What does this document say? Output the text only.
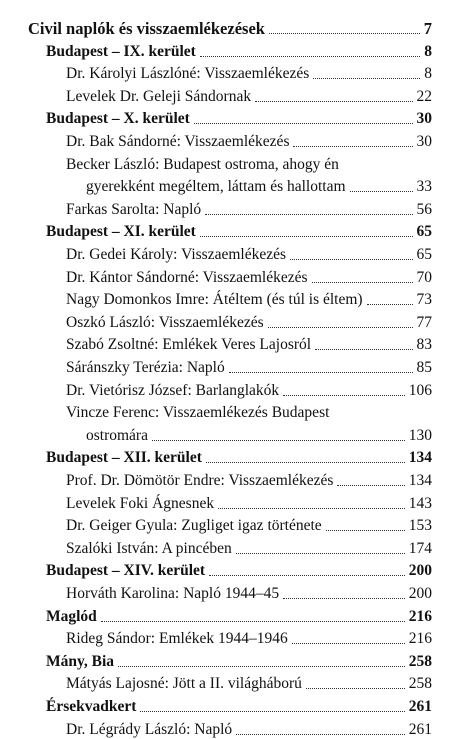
Civil naplók és visszaemlékezések	7
Budapest – IX. kerület	8
Dr. Károlyi Lászlóné: Visszaemlékezés	8
Levelek Dr. Geleji Sándornak	22
Budapest – X. kerület	30
Dr. Bak Sándorné: Visszaemlékezés	30
Becker László: Budapest ostroma, ahogy én
gyerekként megéltem, láttam és hallottam	33
Farkas Sarolta: Napló	56
Budapest – XI. kerület	65
Dr. Gedei Károly: Visszaemlékezés	65
Dr. Kántor Sándorné: Visszaemlékezés	70
Nagy Domonkos Imre: Átéltem (és túl is éltem)	73
Oszkó László: Visszaemlékezés	77
Szabó Zsoltné: Emlékek Veres Lajosról	83
Sáránszky Terézia: Napló	85
Dr. Vietórisz József: Barlanglakók	106
Vincze Ferenc: Visszaemlékezés Budapest
ostromára	130
Budapest – XII. kerület	134
Prof. Dr. Dömötör Endre: Visszaemlékezés	134
Levelek Foki Ágnesnek	143
Dr. Geiger Gyula: Zugliget igaz története	153
Szalóki István: A pincében	174
Budapest – XIV. kerület	200
Horváth Karolina: Napló 1944–45	200
Maglód	216
Rideg Sándor: Emlékek 1944–1946	216
Mány, Bia	258
Mátyás Lajosné: Jött a II. világháború	258
Érsekvadkert	261
Dr. Légrády László: Napló	261
